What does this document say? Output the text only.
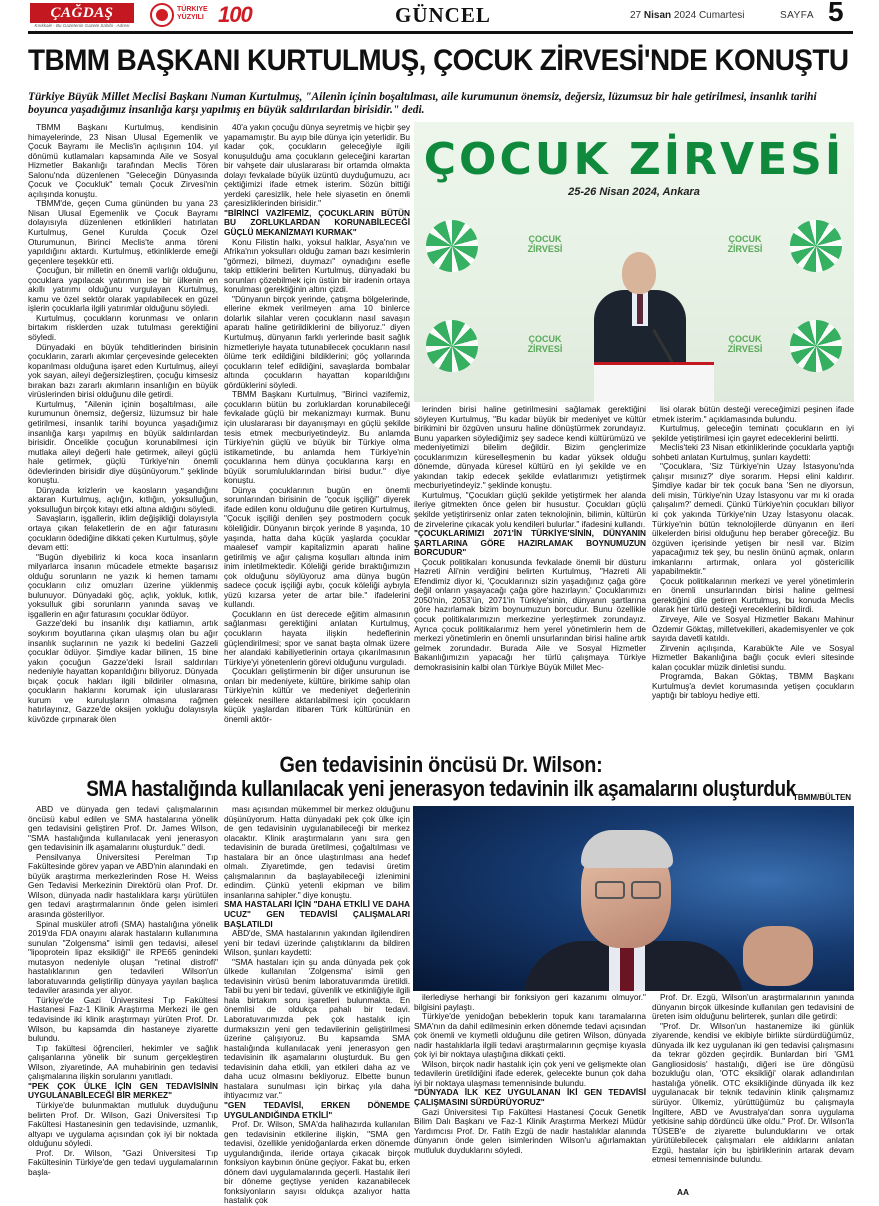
ÇAĞDAŞ
Kırıkkale - Bu Gazetenin Gazete Sahibi - Adresi
TÜRKIYE
YÜZYILI 100	GÜNCEL	27 Nisan 2024 Cumartesi	SAYFA 5
TBMM BAŞKANI KURTULMUŞ, ÇOCUK ZİRVESİ'NDE KONUŞTU
Türkiye Büyük Millet Meclisi Başkanı Numan Kurtulmuş, "Ailenin içinin boşaltılması, aile kurumunun önemsiz, değersiz, lüzumsuz bir hale getirilmesi, insanlık tarihi boyunca yaşadığımız insanlığa karşı yapılmış en büyük saldırılardan birisidir." dedi.

TBMM Başkanı Kurtulmuş, kendisinin himayelerinde, 23 Nisan Ulusal Egemenlik ve Çocuk Bayramı ile Meclis'in açılışının 104. yıl dönümü kutlamaları kapsamında Aile ve Sosyal Hizmetler Bakanlığı tarafından Meclis Tören Salonu'nda düzenlenen "Geleceğin Dünyasında Çocuk ve Çocukluk" temalı Çocuk Zirvesi'nin açılışında konuştu.

TBMM'de, geçen Cuma gününden bu yana 23 Nisan Ulusal Egemenlik ve Çocuk Bayramı dolayısıyla düzenlenen etkinlikleri hatırlatan Kurtulmuş, Genel Kurulda Çocuk Özel Oturumunun, Birinci Meclis'te anma töreni yapıldığını aktardı. Kurtulmuş, etkinliklerde emeği geçenlere teşekkür etti.

Çocuğun, bir milletin en önemli varlığı olduğunu, çocuklara yapılacak yatırımın ise bir ülkenin en akıllı yatırımı olduğunu vurgulayan Kurtulmuş, kamu ve özel sektör olarak yapılabilecek en güzel işlerin çocuklarla ilgili yatırımlar olduğunu söyledi.

Kurtulmuş, çocukların korunması ve onların birtakım risklerden uzak tutulması gerektiğini söyledi.

Dünyadaki en büyük tehditlerinden birisinin çocukların, zararlı akımlar çerçevesinde gelecekten koparılması olduğuna işaret eden Kurtulmuş, aileyi yok sayan, aileyi değersizleştiren, çocuğu kimsesiz bırakan bazı zararlı akımların insanlığın en büyük virüslerinden birisi olduğunu dile getirdi.

Kurtulmuş, "Ailenin içinin boşaltılması, aile kurumunun önemsiz, değersiz, lüzumsuz bir hale getirilmesi, insanlık tarihi boyunca yaşadığımız insanlığa karşı yapılmış en büyük saldırılardan birisidir. Öncelikle çocuğun korunabilmesi için mutlaka aileyi değerli hale getirmek, aileyi güçlü hale getirmek, güçlü Türkiye'nin önemli ödevlerinden birisidir diye düşünüyorum." şeklinde konuştu.

Dünyada krizlerin ve kaosların yaşandığını aktaran Kurtulmuş, açlığın, kıtlığın, yoksulluğun, yoksulluğun birçok kıtayı etki altına aldığını söyledi.

Savaşların, işgallerin, iklim değişikliği dolayısıyla ortaya çıkan felaketlerin de en ağır faturasını çocukların ödediğine dikkati çeken Kurtulmuş, şöyle devam etti:

"Bugün diyebiliriz ki koca koca insanların milyarlarca insanın mücadele etmekte başarısız olduğu sorunların ne yazık ki hemen tamamı çocukların cılız omuzları üzerine yüklenmiş bulunuyor. Dünyadaki göç, açlık, yokluk, kıtlık, yoksulluk gibi sorunların yanında savaş ve işgallerin en ağır faturasını çocuklar ödüyor.

Gazze'deki bu insanlık dışı katliamın, artık soykırım boyutlarına çıkan ulaşmış olan bu ağır insanlık suçlarının ne yazık ki bedelini Gazzeli çocuklar ödüyor. Şimdiye kadar bilinen, 15 bine yakın çocuğun Gazze'deki İsrail saldırıları nedeniyle hayattan koparıldığını biliyoruz. Dünyada bıçak çocuk hakları ilgili bildiriler olmasına, çocukların haklarını korumak için uluslararası kurum ve kuruluşların olmasına rağmen hatırlayınız, Gazze'de oksijen yokluğu dolayısıyla küvözde çırpınarak ölen

40'a yakın çocuğu dünya seyretmiş ve hiçbir şey yapamamıştır. Bu ayıp bile dünya için yeterlidir. Bu kadar çok, çocukların geleceğiyle ilgili konuşulduğu ama çocukların geleceğini karartan bir vahşete dair uluslararası bir ortamda olmakta dolayı fevkalade büyük üzüntü duyduğumuzu, acı çektiğimizi ifade etmek isterim. Sözün bittiği yerdeki çaresizlik, hele hele siyasetin en önemli çaresizliklerinden birisidir."

"BİRİNCİ VAZİFEMİZ, ÇOCUKLARIN BÜTÜN BU ZORLUKLARDAN KORUNABİLECEĞİ GÜÇLÜ MEKANİZMAYI KURMAK"

Konu Filistin halkı, yoksul halklar, Asya'nın ve Afrika'nın yoksulları olduğu zaman bazı kesimlerin "görmezi, bilmezi, duymazı" oynadığını esefle takip ettiklerini belirten Kurtulmuş, dünyadaki bu sorunları çözebilmek için üstün bir iradenin ortaya konulması gerektiğinin altını çizdi.

"Dünyanın birçok yerinde, çatışma bölgelerinde, ellerine ekmek verilmeyen ama 10 binlerce dolarlık silahlar veren çocukların nasıl savaşın aparatı haline getirildiklerini de biliyoruz." diyen Kurtulmuş, dünyanın farklı yerlerinde basit sağlık hizmetleriyle hayata tutunabilecek çocukların nasıl ölüme terk edildiğini bildiklerini; göç yollarında çocukların telef edildiğini, savaşlarda bombalar altında çocukların hayattan koparıldığını gördüklerini söyledi.

TBMM Başkanı Kurtulmuş, "Birinci vazifemiz, çocukların bütün bu zorluklardan korunabileceği fevkalade güçlü bir mekanizmayı kurmak. Bunu için uluslararası bir dayanışmayı en güçlü şekilde tesis etmek mecburiyetindeyiz. Bu anlamda Türkiye'nin güçlü ve büyük bir Türkiye olma istikametinde, bu anlamda hem Türkiye'nin çocuklarına hem dünya çocuklarına karşı en büyük sorumluluklarından birisi budur." diye konuştu.

Dünya çocuklarının bugün en önemli sorunlarından birisinin de "çocuk işçiliği" diyerek ifade edilen konu olduğunu dile getiren Kurtulmuş, "Çocuk işçiliği denilen şey postmodern çocuk köleliğidir. Dünyanın birçok yerinde 8 yaşında, 10 yaşında, hatta daha küçük yaşlarda çocuklar maalesef vampir kapitalizmin aparatı haline getirilmiş ve ağır çalışma koşulları altında inim inim inletilmektedir. Köleliği geride bıraktığımızın çok olduğunu söylüyoruz ama dünya bugün sadece çocuk işçiliği aybı, çocuk köleliği aybıyla yüzü kızarsa yeter de artar bile." ifadelerini kullandı.

Çocukların en üst derecede eğitim almasının sağlanması gerektiğini anlatan Kurtulmuş, çocukların hayata ilişkin hedeflerinin güçlendirilmesi; spor ve sanat başta olmak üzere her alandaki kabiliyetlerinin ortaya çıkarılmasının Türkiye'yi yönetenlerin görevi olduğunu vurguladı.

Çocukları geliştirmenin bir diğer unsurunun ise onları bir medeniyete, kültüre, birikime sahip olan Türkiye'nin kültür ve medeniyet değerlerinin gelecek nesillere aktarılabilmesi için çocukların küçük yaşlardan itibaren Türk kültürünün en önemli aktör-

ÇOCUK ZİRVESİ
25-26 Nisan 2024, Ankara
ÇOCUK ZİRVESİ
ÇOCUK ZİRVESİ
ÇOCUK ZİRVESİ
ÇOCUK ZİRVESİ

lerinden birisi haline getirilmesini sağlamak gerektiğini söyleyen Kurtulmuş, "Bu kadar büyük bir medeniyet ve kültür birikimini bir özgüven unsuru haline dönüştürmek zorundayız. Bunu yaparken söylediğimiz şey sadece kendi kültürümüzü ve medeniyetimizi bilelim değildir. Bizim gençlerimize çocuklarımızın küreselleşmenin bu kadar yüksek olduğu dönemde, dünyada küresel kültürü en iyi şekilde ve en yakından takip edecek şekilde evlatlarımızı yetiştirmek mecburiyetindeyiz." şeklinde konuştu.

Kurtulmuş, "Çocukları güçlü şekilde yetiştirmek her alanda ileriye gitmekten önce gelen bir husustur. Çocukları güçlü şekilde yetiştirirseniz onlar zaten teknolojinin, bilimin, kültürün de zirvelerine çıkacak yolu kendileri bulurlar." ifadesini kullandı.

"ÇOCUKLARIMIZI 2071'İN TÜRKİYE'SİNİN, DÜNYANIN ŞARTLARINA GÖRE HAZIRLAMAK BOYNUMUZUN BORCUDUR"

Çocuk politikaları konusunda fevkalade önemli bir düsturu Hazreti Ali'nin verdiğini belirten Kurtulmuş, "Hazreti Ali Efendimiz diyor ki, 'Çocuklarınızı sizin yaşadığınız çağa göre değil onların yaşayacağı çağa göre hazırlayın.' Çocuklarımızı 2050'nin, 2053'ün, 2071'in Türkiye'sinin, dünyanın şartlarına göre hazırlamak bizim boynumuzun borcudur. Bunu özellikle çocuk politikalarımızın merkezine yerleştirmek zorundayız. Ayrıca çocuk politikalarımız hem yerel yönetimlerin hem de merkezi yönetimlerin en önemli unsurlarından birisi haline artık gelmek zorundadır. Burada Aile ve Sosyal Hizmetler Bakanlığımızın yapacağı her türlü çalışmaya Türkiye demokrasisinin kalbi olan Türkiye Büyük Millet Mec-

lisi olarak bütün desteği vereceğimizi peşinen ifade etmek isterim." açıklamasında bulundu.

Kurtulmuş, geleceğin teminatı çocukların en iyi şekilde yetiştirilmesi için gayret edeceklerini belirtti.

Meclis'teki 23 Nisan etkinliklerinde çocuklarla yaptığı sohbeti anlatan Kurtulmuş, şunları kaydetti:

"Çocuklara, 'Siz Türkiye'nin Uzay İstasyonu'nda çalışır mısınız?' diye sorarım. Hepsi elini kaldırır. Şimdiye kadar bir tek çocuk bana 'Sen ne diyorsun, deli misin, Türkiye'nin Uzay İstasyonu var mı ki orada çalışalım?' demedi. Çünkü Türkiye'nin çocukları biliyor ki çok yakında Türkiye'nin Uzay İstasyonu olacak. Türkiye'nin bütün teknolojilerde dünyanın en ileri ülkelerden birisi olduğunu hep beraber göreceğiz. Bu özgüven içerisinde yetişen bir nesil var. Bizim yapacağımız tek şey, bu neslin önünü açmak, onların imkanlarını artırmak, onlara yol göstericilik yapabilmektir."

Çocuk politikalarının merkezi ve yerel yönetimlerin en önemli unsurlarından birisi haline gelmesi gerektiğini dile getiren Kurtulmuş, bu konuda Meclis olarak her türlü desteği vereceklerini bildirdi.

Zirveye, Aile ve Sosyal Hizmetler Bakanı Mahinur Özdemir Göktaş, milletvekilleri, akademisyenler ve çok sayıda davetli katıldı.

Zirvenin açılışında, Karabük'te Aile ve Sosyal Hizmetler Bakanlığına bağlı çocuk evleri sitesinde kalan çocuklar müzik dinletisi sundu.

Programda, Bakan Göktaş, TBMM Başkanı Kurtulmuş'a devlet korumasında yetişen çocukların yaptığı bir tabloyu hediye etti.

TBMM/BÜLTEN
Gen tedavisinin öncüsü Dr. Wilson:
SMA hastalığında kullanılacak yeni jenerasyon tedavinin ilk aşamalarını oluşturduk

ABD ve dünyada gen tedavi çalışmalarının öncüsü kabul edilen ve SMA hastalarına yönelik gen tedavisini geliştiren Prof. Dr. James Wilson, "SMA hastalığında kullanılacak yeni jenerasyon gen tedavisinin ilk aşamalarını oluşturduk." dedi.

Pensilvanya Üniversitesi Perelman Tıp Fakültesinde görev yapan ve ABD'nin alanındaki en büyük araştırma merkezlerinden Rose H. Weiss Gen Tedavisi Merkezinin Direktörü olan Prof. Dr. Wilson, dünyada nadir hastalıklara karşı yürütülen gen tedavi araştırmalarının önde gelen isimleri arasında gösteriliyor.

Spinal musküler atrofi (SMA) hastalığına yönelik 2019'da FDA onayını alarak hastaların kullanımına sunulan "Zolgensma" isimli gen tedavisi, ailesel "lipoprotein lipaz eksikliği" ile RPE65 genindeki mutasyon nedeniyle oluşan "retinal distrofi" hastalıklarının gen tedavileri Wilson'un laboratuvarında geliştirilip dünyaya yayılan başlıca tedaviler arasında yer alıyor.

Türkiye'de Gazi Üniversitesi Tıp Fakültesi Hastanesi Faz-1 Klinik Araştırma Merkezi ile gen tedavisinde iki klinik araştırmayı yürüten Prof. Dr. Wilson, bu kapsamda din hastaneye ziyarette bulundu.

Tıp fakültesi öğrencileri, hekimler ve sağlık çalışanlarına yönelik bir sunum gerçekleştiren Wilson, ziyaretinde, AA muhabirinin gen tedavisi çalışmalarına ilişkin sorularını yanıtladı.

"PEK ÇOK ÜLKE İÇİN GEN TEDAVİSİNİN UYGULANABİLECEĞİ BİR MERKEZ"

Türkiye'de bulunmaktan mutluluk duyduğunu belirten Prof. Dr. Wilson, Gazi Üniversitesi Tıp Fakültesi Hastanesinin gen tedavisinde, uzmanlık, altyapı ve uygulama açısından çok iyi bir noktada olduğunu söyledi.

Prof. Dr. Wilson, "Gazi Üniversitesi Tıp Fakültesinin Türkiye'de gen tedavi uygulamalarının başla-

ması açısından mükemmel bir merkez olduğunu düşünüyorum. Hatta dünyadaki pek çok ülke için de gen tedavisinin uygulanabileceği bir merkez olacaktır. Klinik araştırmaların yanı sıra gen tedavisinin de burada üretilmesi, çoğaltılması ve hastalara bir an önce ulaştırılması ana hedef olmalı. Ziyaretimde, gen tedavisi üretim çalışmalarının da başlayabileceği izlenimini edindim. Çünkü yetenli ekipman ve bilim insanlarına sahipler." diye konuştu.

SMA HASTALARI İÇİN "DAHA ETKİLİ VE DAHA UCUZ" GEN TEDAVİSİ ÇALIŞMALARI BAŞLATILDI

ABD'de, SMA hastalarının yakından ilgilendiren yeni bir tedavi üzerinde çalıştıklarını da bildiren Wilson, şunları kaydetti:

"SMA hastaları için şu anda dünyada pek çok ülkede kullanılan 'Zolgensma' isimli gen tedavisinin virüsü benim laboratuvarımda üretildi. Tabii bu yeni bir tedavi, güvenlik ve etkinliğiyle ilgili hala birtakım soru işaretleri bulunmakta. En önemlisi de oldukça pahalı bir tedavi. Laboratuvarımızda pek çok hastalık için durmaksızın yeni gen tedavilerinin geliştirilmesi üzerine çalışıyoruz. Bu kapsamda SMA hastalığında kullanılacak yeni jenerasyon gen tedavisinin ilk aşamalarını oluşturduk. Bu gen tedavisinin daha etkili, yan etkileri daha az ve daha ucuz olmasını bekliyoruz. Elbette bunun hastalara sunulması için birkaç yıla daha ihtiyacımız var."

"GEN TEDAVİSİ, ERKEN DÖNEMDE UYGULANDIĞINDA ETKİLİ"

Prof. Dr. Wilson, SMA'da halihazırda kullanılan gen tedavisinin etkilerine ilişkin, "SMA gen tedavisi, özellikle yenidoğanlarda erken dönemde uygulandığında, ileride ortaya çıkacak birçok fonksiyon kaybının önüne geçiyor. Fakat bu, erken dönem davi uygulamalarında geçerli. Hastalık ileri bir döneme geçtiyse yeniden kazanabilecek fonksiyonların sayısı oldukça azalıyor hatta hastalık çok

ilerlediyse herhangi bir fonksiyon geri kazanımı olmuyor." bilgisini paylaştı.

Türkiye'de yenidoğan bebeklerin topuk kanı taramalarına SMA'nın da dahil edilmesinin erken dönemde tedavi açısından çok önemli ve kıymetli olduğunu dile getiren Wilson, dünyada nadir hastalıklarla ilgili tedavi araştırmalarının geçmişe kıyasla çok iyi bir noktaya ulaştığına dikkati çekti.

Wilson, birçok nadir hastalık için çok yeni ve gelişmekte olan tedavilerin üretildiğini ifade ederek, gelecekte bunun çok daha iyi bir noktaya ulaşması temennisinde bulundu.

"DÜNYADA İLK KEZ UYGULANAN İKİ GEN TEDAVİSİ ÇALIŞMASINI SÜRDÜRÜYORUZ"

Gazi Üniversitesi Tıp Fakültesi Hastanesi Çocuk Genetik Bilim Dalı Başkanı ve Faz-1 Klinik Araştırma Merkezi Müdür Yardımcısı Prof. Dr. Fatih Ezgü de nadir hastalıklar alanında dünyanın önde gelen isimlerinden Wilson'u ağırlamaktan mutluluk duyduklarını söyledi.

Prof. Dr. Ezgü, Wilson'un araştırmalarının yanında dünyanın birçok ülkesinde kullanılan gen tedavisini de üreten isim olduğunu belirterek, şunları dile getirdi:

"Prof. Dr. Wilson'un hastanemize iki günlük ziyarende, kendisi ve ekibiyle birlikte sürdürdüğümüz, dünyada ilk kez uygulanan iki gen tedavisi çalışmasını da tekrar gözden geçirdik. Bunlardan biri 'GM1 Gangliosidosis' hastalığı, diğeri ise üre döngüsü bozukluğu olan, 'OTC eksikliği' olarak adlandırılan hastalığa yönelik. OTC eksikliğinde dünyada ilk kez uygulanacak bir teknik tedavinin klinik çalışmamız sürüyor. Ülkemiz, yürüttüğümüz bu çalışmayla İngiltere, ABD ve Avustralya'dan sonra uygulama yetkisine sahip dördüncü ülke oldu." Prof. Dr. Wilson'la TÜSEB'e de ziyarette bulunduklarını ve ortak yürütülebilecek çalışmaları ele aldıklarını anlatan Ezgü, hastalar için bu işbirliklerinin artarak devam etmesi temennisinde bulundu.

AA
